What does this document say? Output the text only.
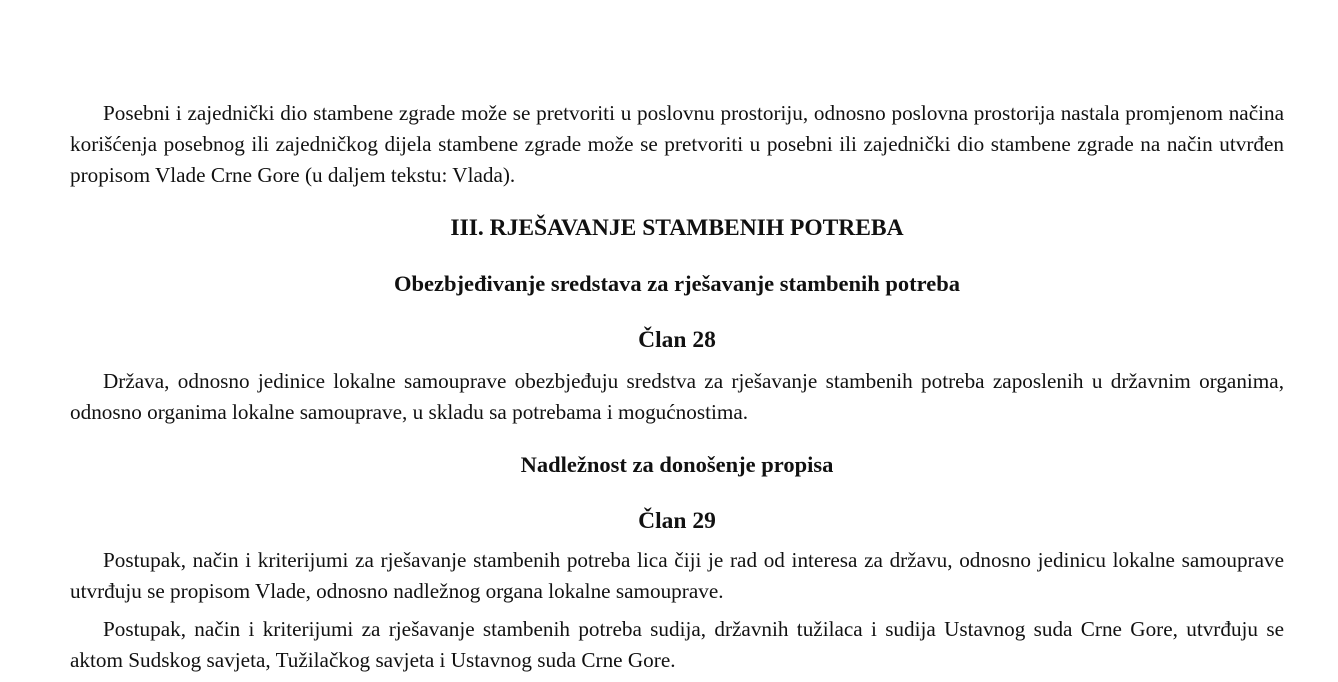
Posebni i zajednički dio stambene zgrade može se pretvoriti u poslovnu prostoriju, odnosno poslovna prostorija nastala promjenom načina korišćenja posebnog ili zajedničkog dijela stambene zgrade može se pretvoriti u posebni ili zajednički dio stambene zgrade na način utvrđen propisom Vlade Crne Gore (u daljem tekstu: Vlada).

III. RJEŠAVANJE STAMBENIH POTREBA

Obezbjeđivanje sredstava za rješavanje stambenih potreba

Član 28

Država, odnosno jedinice lokalne samouprave obezbjeđuju sredstva za rješavanje stambenih potreba zaposlenih u državnim organima, odnosno organima lokalne samouprave, u skladu sa potrebama i mogućnostima.

Nadležnost za donošenje propisa

Član 29

Postupak, način i kriterijumi za rješavanje stambenih potreba lica čiji je rad od interesa za državu, odnosno jedinicu lokalne samouprave utvrđuju se propisom Vlade, odnosno nadležnog organa lokalne samouprave.

Postupak, način i kriterijumi za rješavanje stambenih potreba sudija, državnih tužilaca i sudija Ustavnog suda Crne Gore, utvrđuju se aktom Sudskog savjeta, Tužilačkog savjeta i Ustavnog suda Crne Gore.
